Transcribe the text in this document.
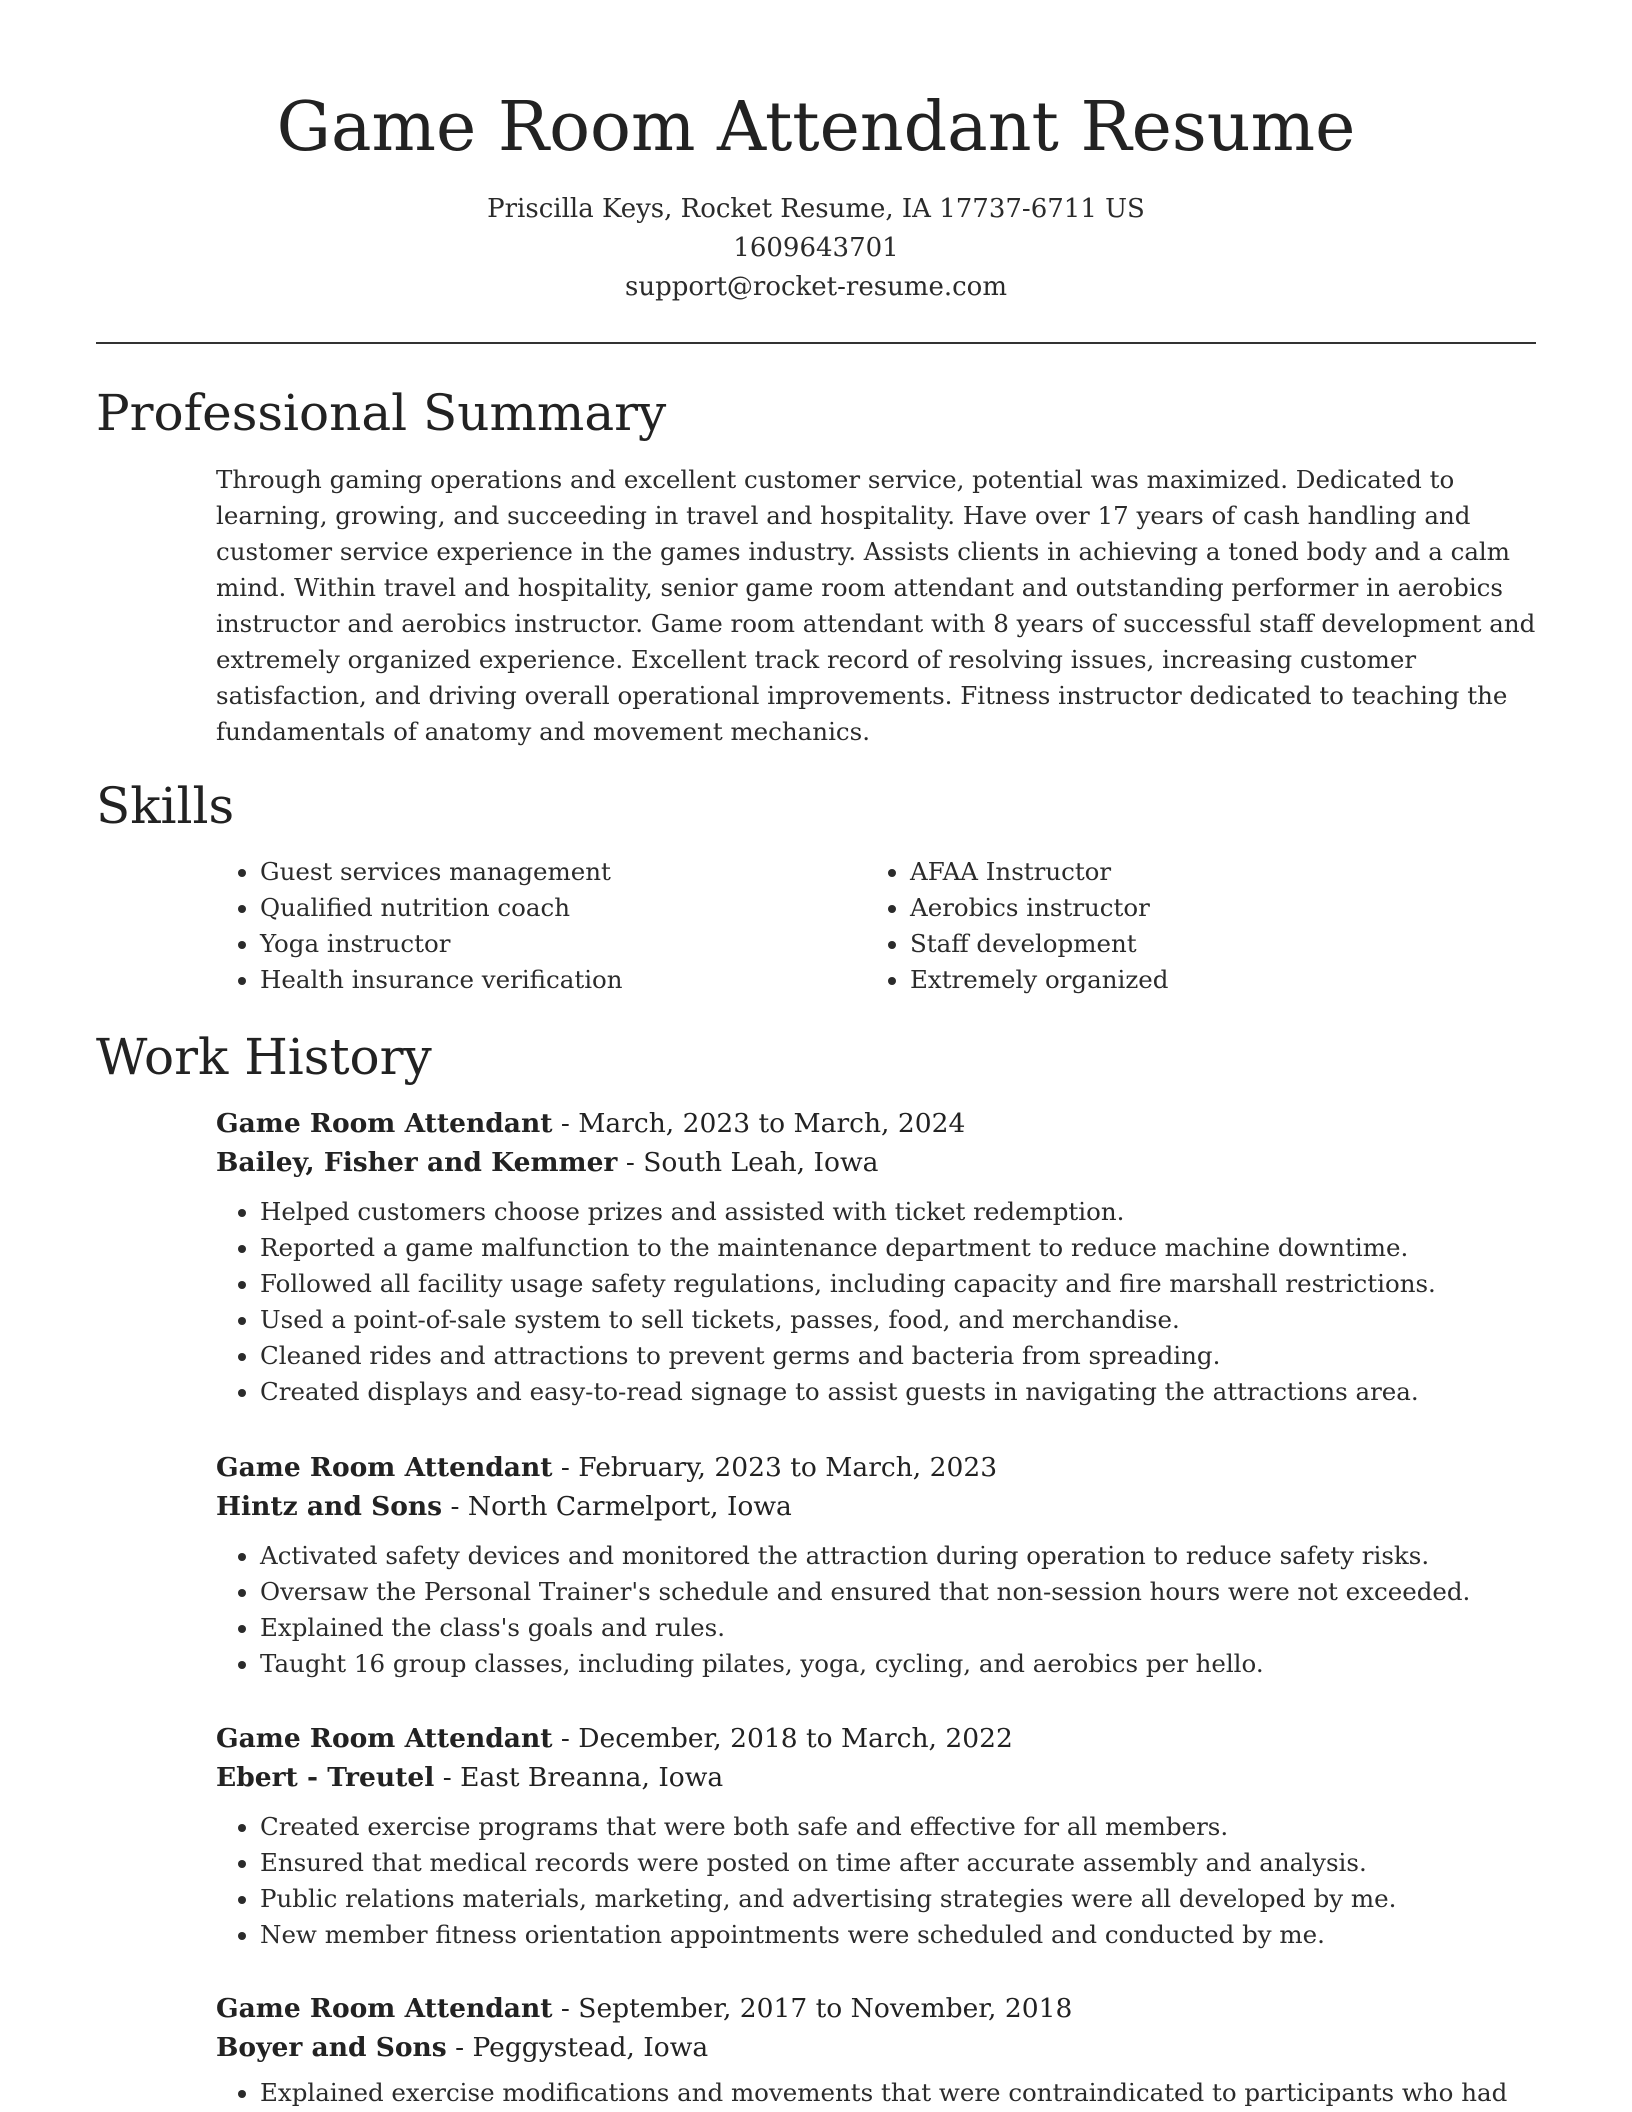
Game Room Attendant Resume
Priscilla Keys, Rocket Resume, IA 17737-6711 US
1609643701
support@rocket-resume.com
Professional Summary

Through gaming operations and excellent customer service, potential was maximized. Dedicated to learning, growing, and succeeding in travel and hospitality. Have over 17 years of cash handling and customer service experience in the games industry. Assists clients in achieving a toned body and a calm mind. Within travel and hospitality, senior game room attendant and outstanding performer in aerobics instructor and aerobics instructor. Game room attendant with 8 years of successful staff development and extremely organized experience. Excellent track record of resolving issues, increasing customer satisfaction, and driving overall operational improvements. Fitness instructor dedicated to teaching the fundamentals of anatomy and movement mechanics.

Skills
• Guest services management
• Qualified nutrition coach
• Yoga instructor
• Health insurance verification
• AFAA Instructor
• Aerobics instructor
• Staff development
• Extremely organized
Work History
Game Room Attendant - March, 2023 to March, 2024
Bailey, Fisher and Kemmer - South Leah, Iowa
• Helped customers choose prizes and assisted with ticket redemption.
• Reported a game malfunction to the maintenance department to reduce machine downtime.
• Followed all facility usage safety regulations, including capacity and fire marshall restrictions.
• Used a point-of-sale system to sell tickets, passes, food, and merchandise.
• Cleaned rides and attractions to prevent germs and bacteria from spreading.
• Created displays and easy-to-read signage to assist guests in navigating the attractions area.
Game Room Attendant - February, 2023 to March, 2023
Hintz and Sons - North Carmelport, Iowa
• Activated safety devices and monitored the attraction during operation to reduce safety risks.
• Oversaw the Personal Trainer's schedule and ensured that non-session hours were not exceeded.
• Explained the class's goals and rules.
• Taught 16 group classes, including pilates, yoga, cycling, and aerobics per hello.
Game Room Attendant - December, 2018 to March, 2022
Ebert - Treutel - East Breanna, Iowa
• Created exercise programs that were both safe and effective for all members.
• Ensured that medical records were posted on time after accurate assembly and analysis.
• Public relations materials, marketing, and advertising strategies were all developed by me.
• New member fitness orientation appointments were scheduled and conducted by me.
Game Room Attendant - September, 2017 to November, 2018
Boyer and Sons - Peggystead, Iowa
• Explained exercise modifications and movements that were contraindicated to participants who had
